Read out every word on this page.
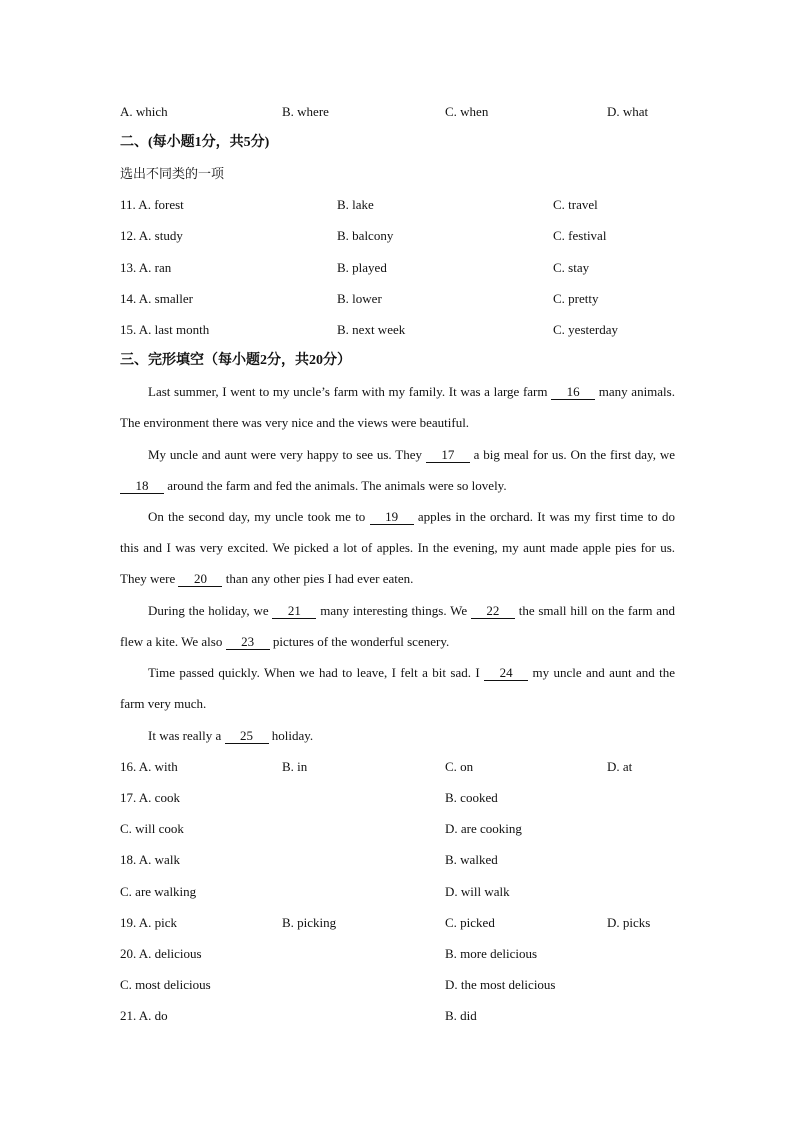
A. which	B. where	C. when	D. what
二、(每小题1分，共5分)
选出不同类的一项
11. A. forest	B. lake	C. travel
12. A. study	B. balcony	C. festival
13. A. ran	B. played	C. stay
14. A. smaller	B. lower	C. pretty
15. A. last month	B. next week	C. yesterday
三、完形填空（每小题2分，共20分）
Last summer, I went to my uncle’s farm with my family. It was a large farm 16 many animals. The environment there was very nice and the views were beautiful.
My uncle and aunt were very happy to see us. They 17 a big meal for us. On the first day, we 18 around the farm and fed the animals. The animals were so lovely.
On the second day, my uncle took me to 19 apples in the orchard. It was my first time to do this and I was very excited. We picked a lot of apples. In the evening, my aunt made apple pies for us. They were 20 than any other pies I had ever eaten.
During the holiday, we 21 many interesting things. We 22 the small hill on the farm and flew a kite. We also 23 pictures of the wonderful scenery.
Time passed quickly. When we had to leave, I felt a bit sad. I 24 my uncle and aunt and the farm very much.
It was really a 25 holiday.
16. A. with	B. in	C. on	D. at
17. A. cook	B. cooked
C. will cook	D. are cooking
18. A. walk	B. walked
C. are walking	D. will walk
19. A. pick	B. picking	C. picked	D. picks
20. A. delicious	B. more delicious
C. most delicious	D. the most delicious
21. A. do	B. did
